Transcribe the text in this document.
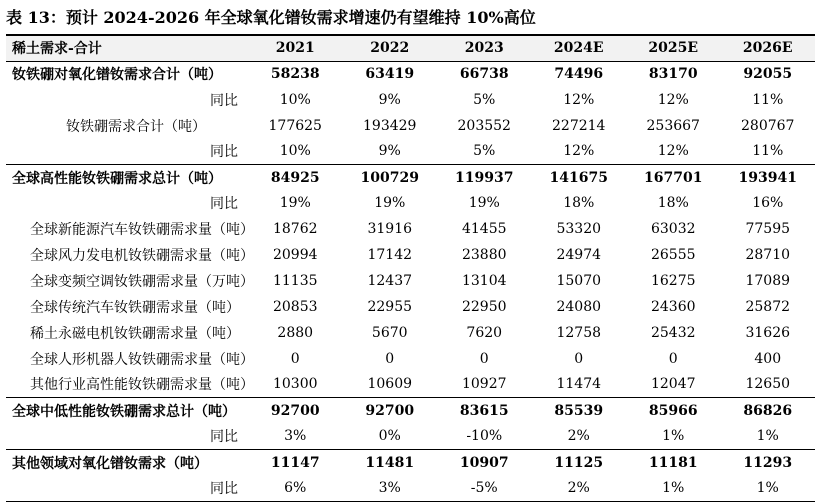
表 13：预计 2024-2026 年全球氧化镨钕需求增速仍有望维持 10%高位
稀土需求-合计	2021	2022	2023	2024E	2025E	2026E
钕铁硼对氧化镨钕需求合计（吨）	58238	63419	66738	74496	83170	92055
同比	10%	9%	5%	12%	12%	11%
钕铁硼需求合计（吨）	177625	193429	203552	227214	253667	280767
同比	10%	9%	5%	12%	12%	11%
全球高性能钕铁硼需求总计（吨）	84925	100729	119937	141675	167701	193941
同比	19%	19%	19%	18%	18%	16%
全球新能源汽车钕铁硼需求量（吨）	18762	31916	41455	53320	63032	77595
全球风力发电机钕铁硼需求量（吨）	20994	17142	23880	24974	26555	28710
全球变频空调钕铁硼需求量（万吨）	11135	12437	13104	15070	16275	17089
全球传统汽车钕铁硼需求量（吨）	20853	22955	22950	24080	24360	25872
稀土永磁电机钕铁硼需求量（吨）	2880	5670	7620	12758	25432	31626
全球人形机器人钕铁硼需求量（吨）	0	0	0	0	0	400
其他行业高性能钕铁硼需求量（吨）	10300	10609	10927	11474	12047	12650
全球中低性能钕铁硼需求总计（吨）	92700	92700	83615	85539	85966	86826
同比	3%	0%	-10%	2%	1%	1%
其他领域对氧化镨钕需求（吨）	11147	11481	10907	11125	11181	11293
同比	6%	3%	-5%	2%	1%	1%
